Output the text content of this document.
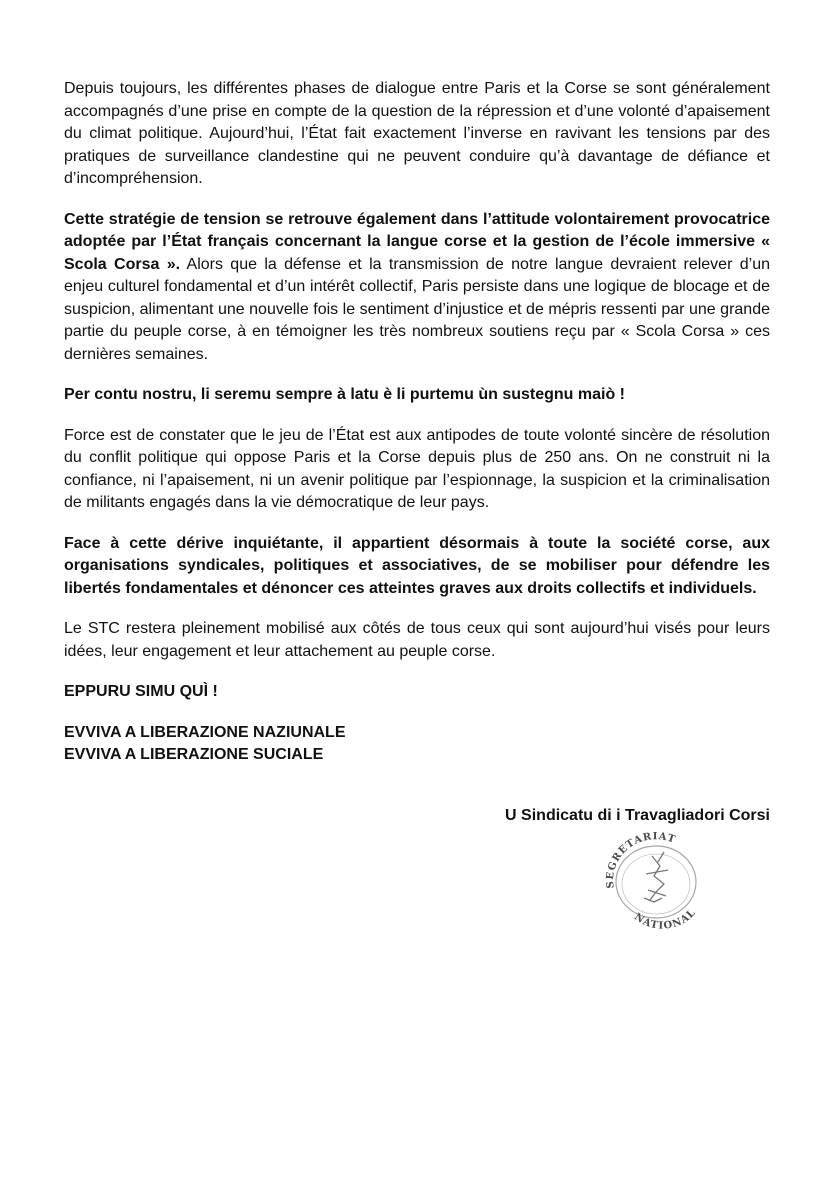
Depuis toujours, les différentes phases de dialogue entre Paris et la Corse se sont généralement accompagnés d’une prise en compte de la question de la répression et d’une volonté d’apaisement du climat politique. Aujourd’hui, l’État fait exactement l’inverse en ravivant les tensions par des pratiques de surveillance clandestine qui ne peuvent conduire qu’à davantage de défiance et d’incompréhension.

Cette stratégie de tension se retrouve également dans l’attitude volontairement provocatrice adoptée par l’État français concernant la langue corse et la gestion de l’école immersive « Scola Corsa ». Alors que la défense et la transmission de notre langue devraient relever d’un enjeu culturel fondamental et d’un intérêt collectif, Paris persiste dans une logique de blocage et de suspicion, alimentant une nouvelle fois le sentiment d’injustice et de mépris ressenti par une grande partie du peuple corse, à en témoigner les très nombreux soutiens reçu par « Scola Corsa » ces dernières semaines.

Per contu nostru, li seremu sempre à latu è li purtemu ùn sustegnu maiò !

Force est de constater que le jeu de l’État est aux antipodes de toute volonté sincère de résolution du conflit politique qui oppose Paris et la Corse depuis plus de 250 ans. On ne construit ni la confiance, ni l’apaisement, ni un avenir politique par l’espionnage, la suspicion et la criminalisation de militants engagés dans la vie démocratique de leur pays.

Face à cette dérive inquiétante, il appartient désormais à toute la société corse, aux organisations syndicales, politiques et associatives, de se mobiliser pour défendre les libertés fondamentales et dénoncer ces atteintes graves aux droits collectifs et individuels.

Le STC restera pleinement mobilisé aux côtés de tous ceux qui sont aujourd’hui visés pour leurs idées, leur engagement et leur attachement au peuple corse.

EPPURU SIMU QUÌ !

EVVIVA A LIBERAZIONE NAZIUNALE
EVVIVA A LIBERAZIONE SUCIALE

U Sindicatu di i Travagliadori Corsi
SEGRETARIAT
NATIONAL
